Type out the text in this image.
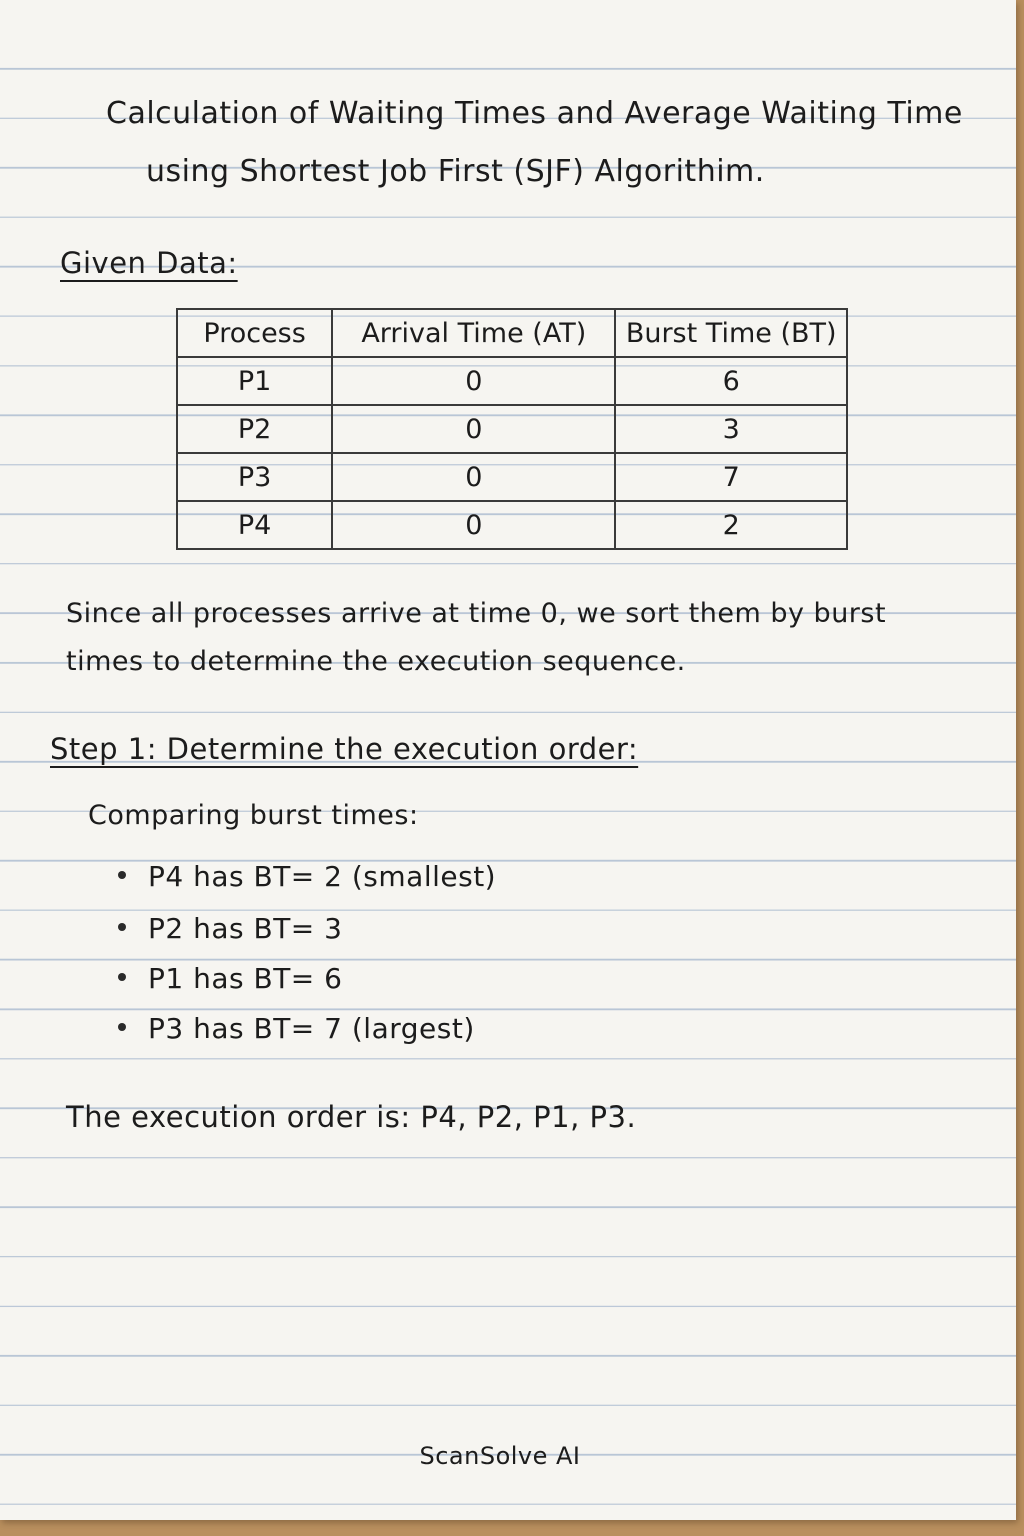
Calculation of Waiting Times and Average Waiting Time
using Shortest Job First (SJF) Algorithim.
Given Data:
Process	Arrival Time (AT)	Burst Time (BT)
P1	0	6
P2	0	3
P3	0	7
P4	0	2
Since all processes arrive at time 0, we sort them by burst
times to determine the execution sequence.
Step 1: Determine the execution order:
Comparing burst times:
P4 has BT= 2 (smallest)
P2 has BT= 3
P1 has BT= 6
P3 has BT= 7 (largest)
The execution order is: P4, P2, P1, P3.
ScanSolve AI
